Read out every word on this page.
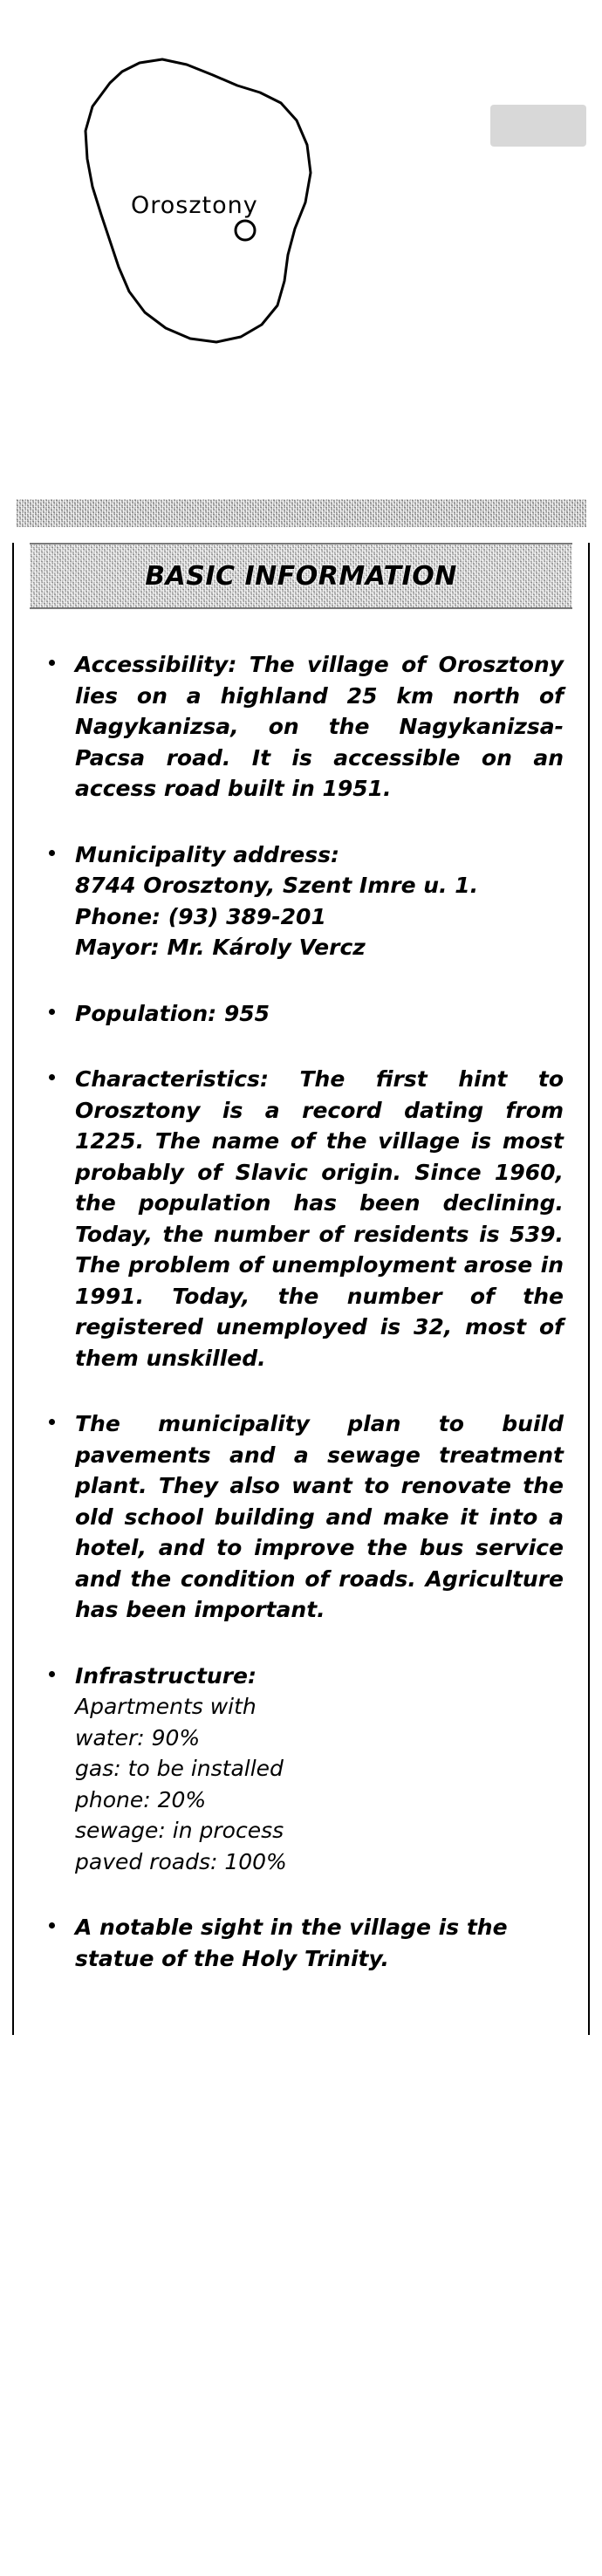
Orosztony
BASIC INFORMATION

Accessibility: The village of Orosztony lies on a highland 25 km north of Nagykanizsa, on the Nagykanizsa-Pacsa road. It is accessible on an access road built in 1951.

Municipality address:
8744 Orosztony, Szent Imre u. 1.
Phone: (93) 389-201
Mayor: Mr. Károly Vercz

Population: 955

Characteristics: The first hint to Orosztony is a record dating from 1225. The name of the village is most probably of Slavic origin. Since 1960, the population has been declining. Today, the number of residents is 539. The problem of unemployment arose in 1991. Today, the number of the registered unemployed is 32, most of them unskilled.

The municipality plan to build pavements and a sewage treatment plant. They also want to renovate the old school building and make it into a hotel, and to improve the bus service and the condition of roads. Agriculture has been important.

Infrastructure:
Apartments with
water: 90%
gas: to be installed
phone: 20%
sewage: in process
paved roads: 100%

A notable sight in the village is the statue of the Holy Trinity.
